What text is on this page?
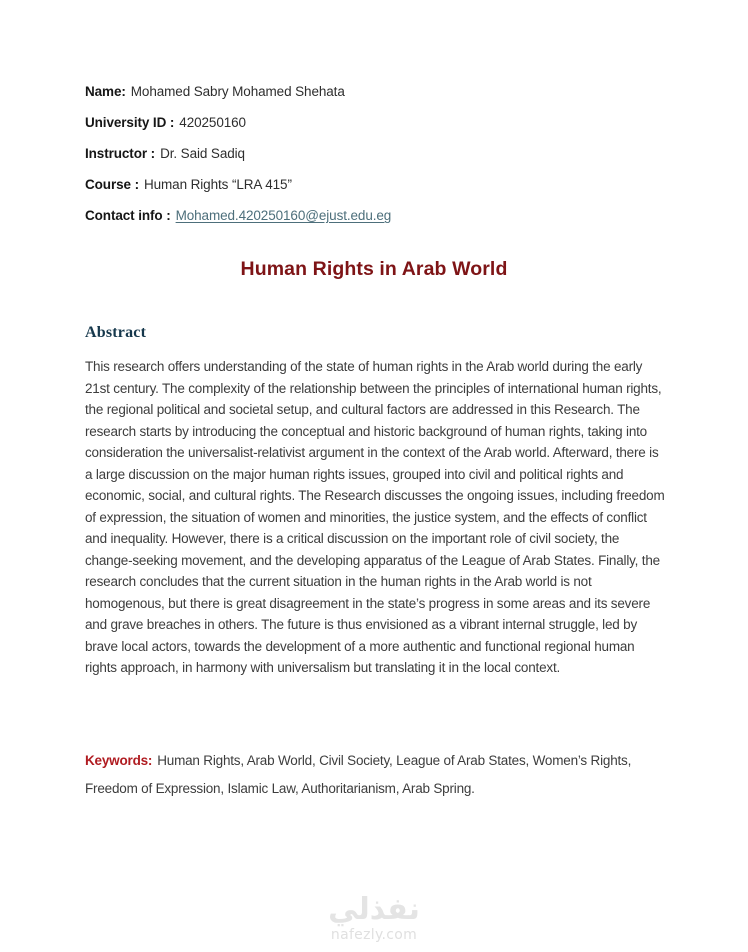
Name: Mohamed Sabry Mohamed Shehata

University ID : 420250160

Instructor : Dr. Said Sadiq

Course : Human Rights “LRA 415”

Contact info : Mohamed.420250160@ejust.edu.eg

Human Rights in Arab World
Abstract

This research offers understanding of the state of human rights in the Arab world during the early 21st century. The complexity of the relationship between the principles of international human rights, the regional political and societal setup, and cultural factors are addressed in this Research. The research starts by introducing the conceptual and historic background of human rights, taking into consideration the universalist-relativist argument in the context of the Arab world. Afterward, there is a large discussion on the major human rights issues, grouped into civil and political rights and economic, social, and cultural rights. The Research discusses the ongoing issues, including freedom of expression, the situation of women and minorities, the justice system, and the effects of conflict and inequality. However, there is a critical discussion on the important role of civil society, the change-seeking movement, and the developing apparatus of the League of Arab States. Finally, the research concludes that the current situation in the human rights in the Arab world is not homogenous, but there is great disagreement in the state’s progress in some areas and its severe and grave breaches in others. The future is thus envisioned as a vibrant internal struggle, led by brave local actors, towards the development of a more authentic and functional regional human rights approach, in harmony with universalism but translating it in the local context.

Keywords: Human Rights, Arab World, Civil Society, League of Arab States, Women’s Rights, Freedom of Expression, Islamic Law, Authoritarianism, Arab Spring.

نفذلي
nafezly.com
